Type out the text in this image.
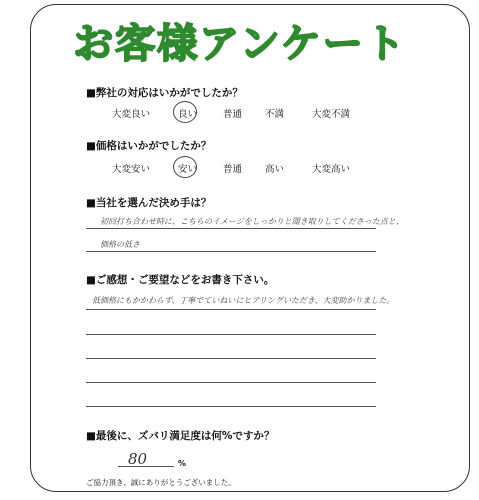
お客様アンケート
■弊社の対応はいかがでしたか？
大変良い	良い	普通 不満	大変不満
■価格はいかがでしたか？
大変安い	安い	普通 高い	大変高い
■当社を選んだ決め手は？
初回打ち合わせ時に、こちらのイメージをしっかりと聞き取りしてくださった点と、
価格の低さ
■ご感想・ご要望などをお書き下さい。
低価格にもかかわらず、丁寧でていねいにヒアリングいただき、大変助かりました。
■最後に、ズバリ満足度は何%ですか？
80	%
ご協力頂き、誠にありがとうございました。
